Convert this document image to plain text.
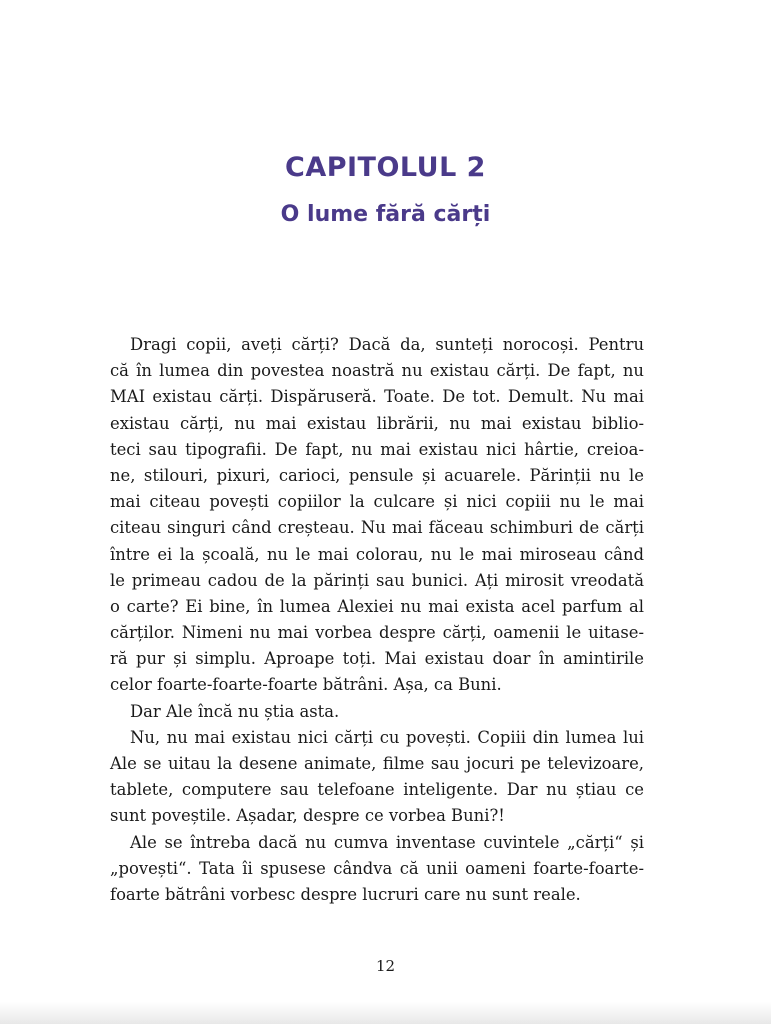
CAPITOLUL 2
O lume fără cărți
Dragi copii, aveți cărți? Dacă da, sunteți norocoși. Pentru
că în lumea din povestea noastră nu existau cărți. De fapt, nu
MAI existau cărți. Dispăruseră. Toate. De tot. Demult. Nu mai
existau cărți, nu mai existau librării, nu mai existau biblio-
teci sau tipografii. De fapt, nu mai existau nici hârtie, creioa-
ne, stilouri, pixuri, carioci, pensule și acuarele. Părinții nu le
mai citeau povești copiilor la culcare și nici copiii nu le mai
citeau singuri când creșteau. Nu mai făceau schimburi de cărți
între ei la școală, nu le mai colorau, nu le mai miroseau când
le primeau cadou de la părinți sau bunici. Ați mirosit vreodată
o carte? Ei bine, în lumea Alexiei nu mai exista acel parfum al
cărților. Nimeni nu mai vorbea despre cărți, oamenii le uitase-
ră pur și simplu. Aproape toți. Mai existau doar în amintirile
celor foarte-foarte-foarte bătrâni. Așa, ca Buni.
Dar Ale încă nu știa asta.
Nu, nu mai existau nici cărți cu povești. Copiii din lumea lui
Ale se uitau la desene animate, filme sau jocuri pe televizoare,
tablete, computere sau telefoane inteligente. Dar nu știau ce
sunt poveștile. Așadar, despre ce vorbea Buni?!
Ale se întreba dacă nu cumva inventase cuvintele „cărți“ și
„povești“. Tata îi spusese cândva că unii oameni foarte-foarte-
foarte bătrâni vorbesc despre lucruri care nu sunt reale.
12
